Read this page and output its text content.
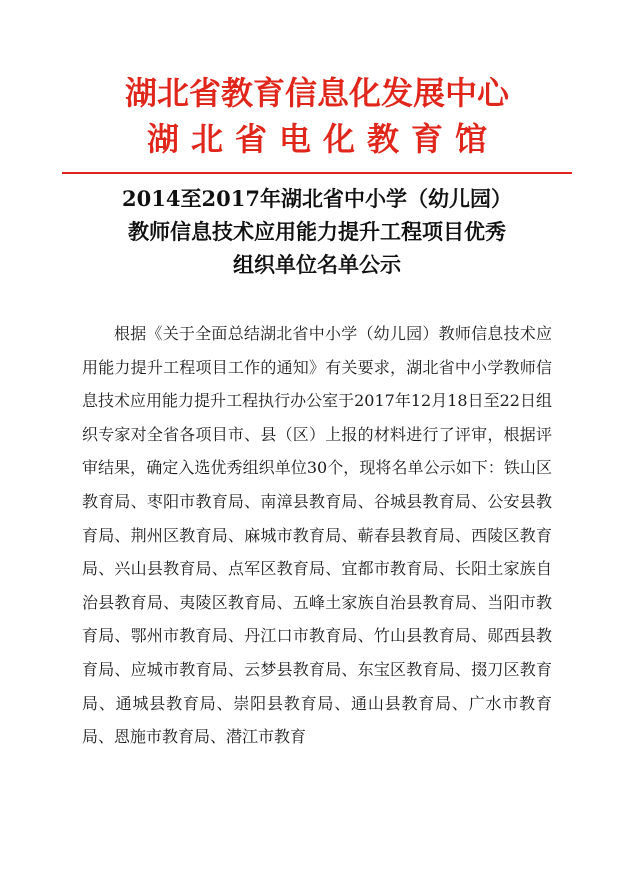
湖北省教育信息化发展中心
湖北省电化教育馆
2014至2017年湖北省中小学（幼儿园）
教师信息技术应用能力提升工程项目优秀
组织单位名单公示

根据《关于全面总结湖北省中小学（幼儿园）教师信息技术应用能力提升工程项目工作的通知》有关要求，湖北省中小学教师信息技术应用能力提升工程执行办公室于2017年12月18日至22日组织专家对全省各项目市、县（区）上报的材料进行了评审，根据评审结果，确定入选优秀组织单位30个，现将名单公示如下：铁山区教育局、枣阳市教育局、南漳县教育局、谷城县教育局、公安县教育局、荆州区教育局、麻城市教育局、蕲春县教育局、西陵区教育局、兴山县教育局、点军区教育局、宜都市教育局、长阳土家族自治县教育局、夷陵区教育局、五峰土家族自治县教育局、当阳市教育局、鄂州市教育局、丹江口市教育局、竹山县教育局、郧西县教育局、应城市教育局、云梦县教育局、东宝区教育局、掇刀区教育局、通城县教育局、崇阳县教育局、通山县教育局、广水市教育局、恩施市教育局、潜江市教育
